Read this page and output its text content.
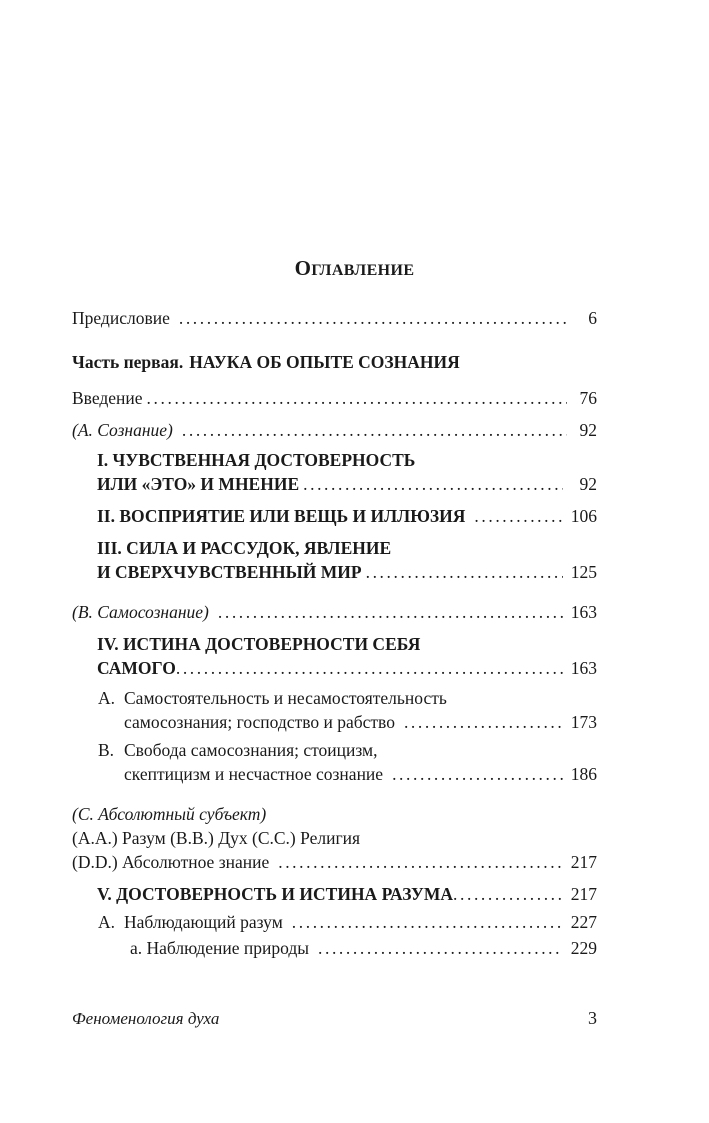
ОГЛАВЛЕНИЕ
Предисловие .....	6
Часть первая. НАУКА ОБ ОПЫТЕ СОЗНАНИЯ
Введение .....	76
(A. Сознание) .....	92
I. ЧУВСТВЕННАЯ ДОСТОВЕРНОСТЬ
ИЛИ «ЭТО» И МНЕНИЕ .....	92
II. ВОСПРИЯТИЕ ИЛИ ВЕЩЬ И ИЛЛЮЗИЯ .....	106
III. СИЛА И РАССУДОК, ЯВЛЕНИЕ
И СВЕРХЧУВСТВЕННЫЙ МИР .....	125
(B. Самосознание) .....	163
IV. ИСТИНА ДОСТОВЕРНОСТИ СЕБЯ
САМОГО .....	163
A. Самостоятельность и несамостоятельность
самосознания; господство и рабство .....	173
B. Свобода самосознания; стоицизм,
скептицизм и несчастное сознание .....	186
(C. Абсолютный субъект)
(A.A.) Разум (B.B.) Дух (C.C.) Религия
(D.D.) Абсолютное знание .....	217
V. ДОСТОВЕРНОСТЬ И ИСТИНА РАЗУМА .....	217
A. Наблюдающий разум .....	227
a. Наблюдение природы .....	229
Феноменология духа	3
